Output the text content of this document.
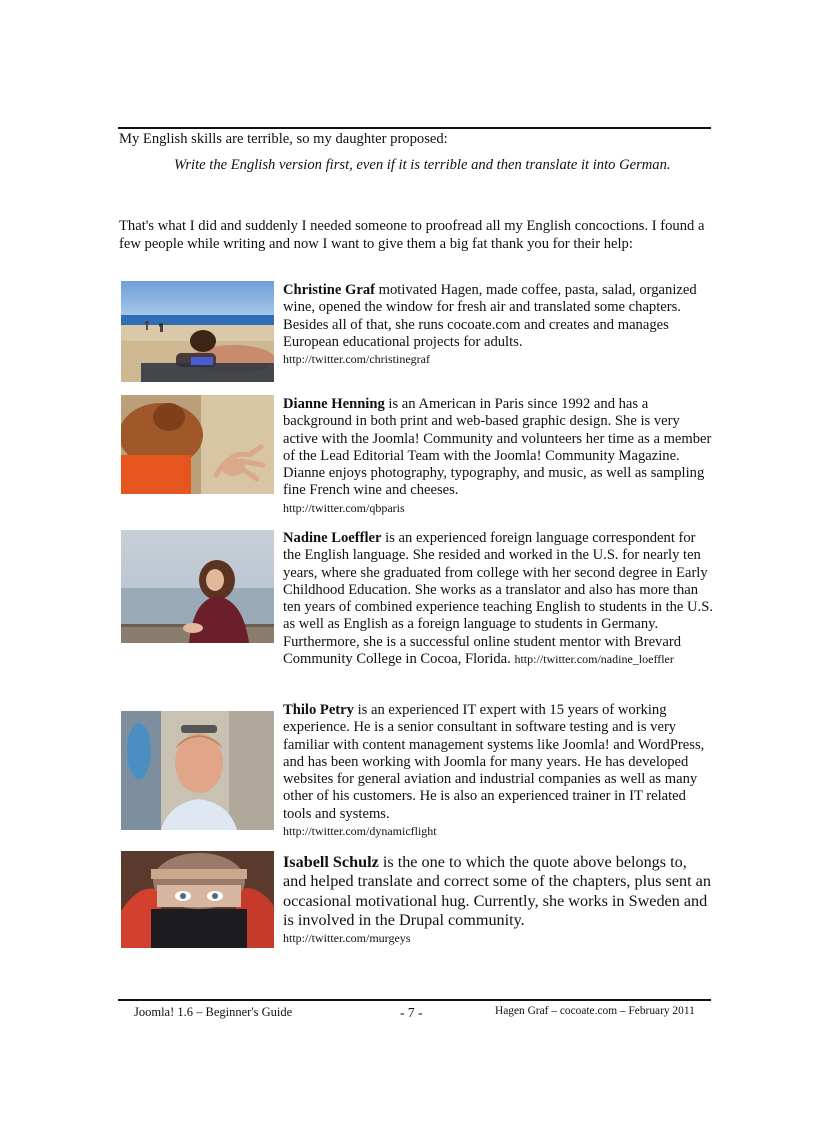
My English skills are terrible, so my daughter proposed:

Write the English version first, even if it is terrible and then translate it into German.

That's what I did and suddenly I needed someone to proofread all my English concoctions. I found a few people while writing and now I want to give them a big fat thank you for their help:

Christine Graf motivated Hagen, made coffee, pasta, salad, organized wine, opened the window for fresh air and translated some chapters. Besides all of that, she runs cocoate.com and creates and manages European educational projects for adults.

http://twitter.com/christinegraf

Dianne Henning is an American in Paris since 1992 and has a background in both print and web-based graphic design. She is very active with the Joomla! Community and volunteers her time as a member of the Lead Editorial Team with the Joomla! Community Magazine. Dianne enjoys photography, typography, and music, as well as sampling fine French wine and cheeses.

http://twitter.com/qbparis

Nadine Loeffler is an experienced foreign language correspondent for the English language. She resided and worked in the U.S. for nearly ten years, where she graduated from college with her second degree in Early Childhood Education. She works as a translator and also has more than ten years of combined experience teaching English to students in the U.S. as well as English as a foreign language to students in Germany. Furthermore, she is a successful online student mentor with Brevard Community College in Cocoa, Florida. http://twitter.com/nadine_loeffler

Thilo Petry is an experienced IT expert with 15 years of working experience. He is a senior consultant in software testing and is very familiar with content management systems like Joomla! and WordPress, and has been working with Joomla for many years. He has developed websites for general aviation and industrial companies as well as many other of his customers. He is also an experienced trainer in IT related tools and systems.

http://twitter.com/dynamicflight

Isabell Schulz is the one to which the quote above belongs to, and helped translate and correct some of the chapters, plus sent an occasional motivational hug. Currently, she works in Sweden and is involved in the Drupal community.

http://twitter.com/murgeys

Joomla! 1.6 – Beginner's Guide	- 7 -	Hagen Graf – cocoate.com – February 2011
